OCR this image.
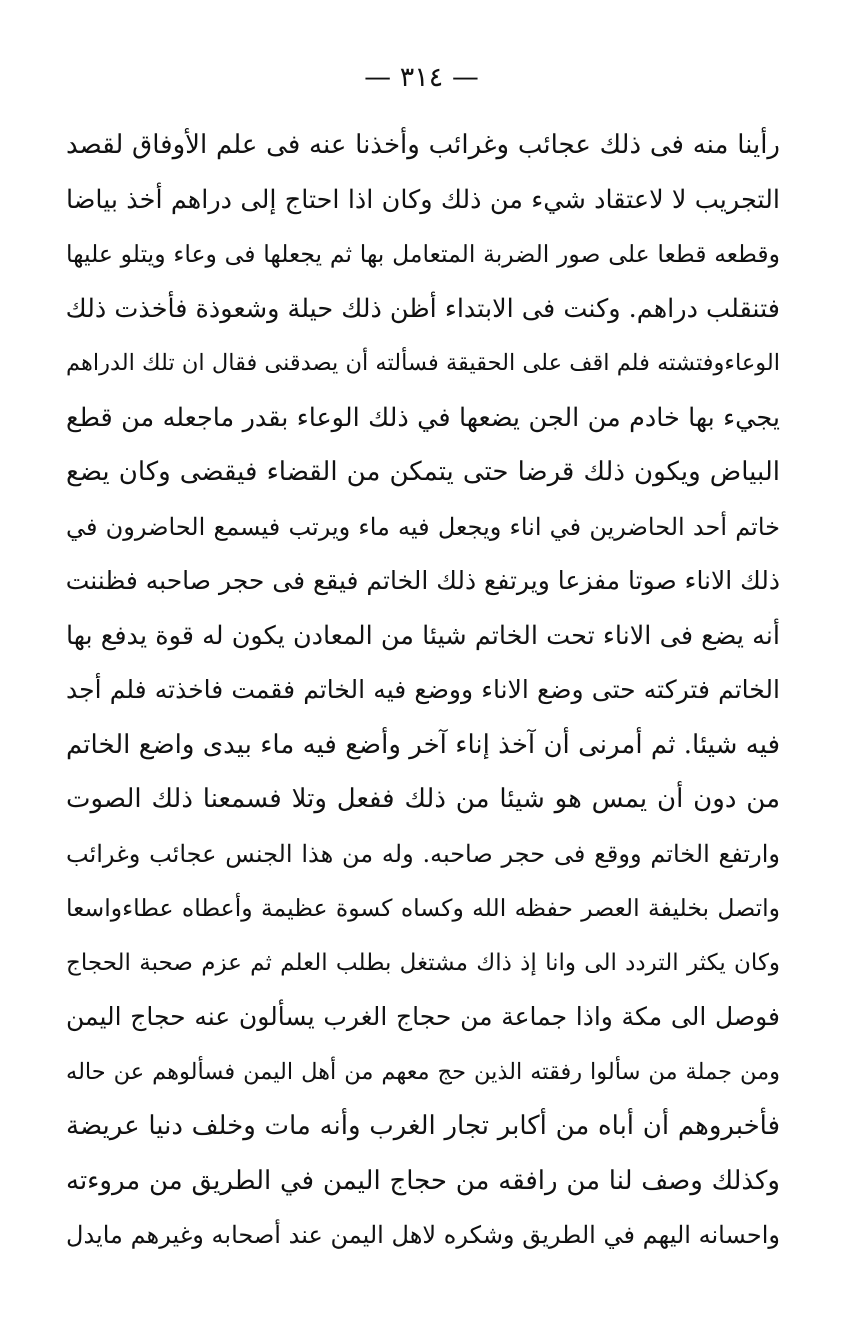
— ٣١٤ —
رأينا منه فى ذلك عجائب وغرائب وأخذنا عنه فى علم الأوفاق لقصد
التجريب لا لاعتقاد شيء من ذلك وكان اذا احتاج إلى دراهم أخذ بياضا
وقطعه قطعا على صور الضربة المتعامل بها ثم يجعلها فى وعاء ويتلو عليها
فتنقلب دراهم. وكنت فى الابتداء أظن ذلك حيلة وشعوذة فأخذت ذلك
الوعاءوفتشته فلم اقف على الحقيقة فسألته أن يصدقنى فقال ان تلك الدراهم
يجيء بها خادم من الجن يضعها في ذلك الوعاء بقدر ماجعله من قطع
البياض ويكون ذلك قرضا حتى يتمكن من القضاء فيقضى وكان يضع
خاتم أحد الحاضرين في اناء ويجعل فيه ماء ويرتب فيسمع الحاضرون في
ذلك الاناء صوتا مفزعا ويرتفع ذلك الخاتم فيقع فى حجر صاحبه فظننت
أنه يضع فى الاناء تحت الخاتم شيئا من المعادن يكون له قوة يدفع بها
الخاتم فتركته حتى وضع الاناء ووضع فيه الخاتم فقمت فاخذته فلم أجد
فيه شيئا. ثم أمرنى أن آخذ إناء آخر وأضع فيه ماء بيدى واضع الخاتم
من دون أن يمس هو شيئا من ذلك ففعل وتلا فسمعنا ذلك الصوت
وارتفع الخاتم ووقع فى حجر صاحبه. وله من هذا الجنس عجائب وغرائب
واتصل بخليفة العصر حفظه الله وكساه كسوة عظيمة وأعطاه عطاءواسعا
وكان يكثر التردد الى وانا إذ ذاك مشتغل بطلب العلم ثم عزم صحبة الحجاج
فوصل الى مكة واذا جماعة من حجاج الغرب يسألون عنه حجاج اليمن
ومن جملة من سألوا رفقته الذين حج معهم من أهل اليمن فسألوهم عن حاله
فأخبروهم أن أباه من أكابر تجار الغرب وأنه مات وخلف دنيا عريضة
وكذلك وصف لنا من رافقه من حجاج اليمن في الطريق من مروءته
واحسانه اليهم في الطريق وشكره لاهل اليمن عند أصحابه وغيرهم مايدل
